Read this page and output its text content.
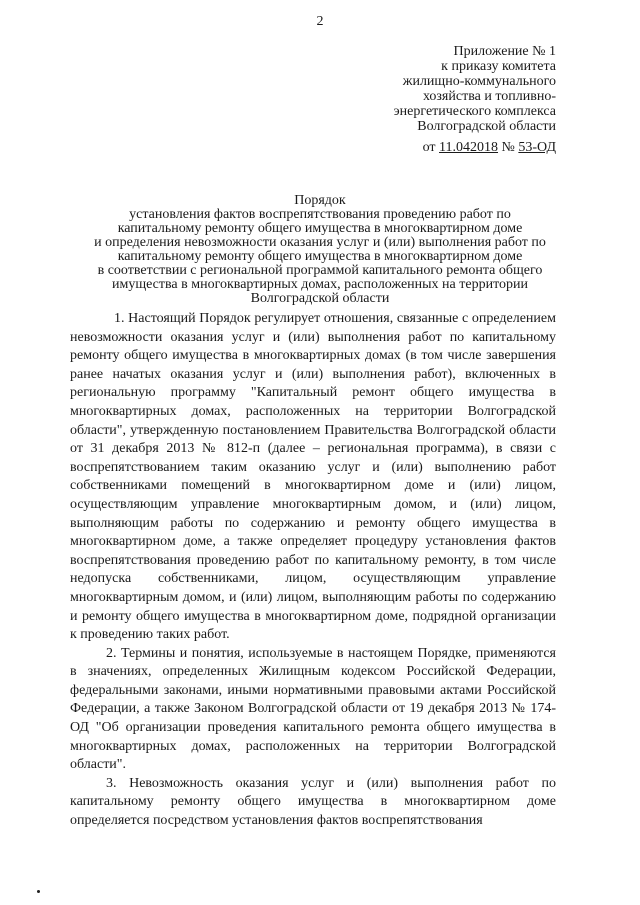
2
Приложение № 1
к приказу комитета
жилищно-коммунального
хозяйства и топливно-
энергетического комплекса
Волгоградской области
от 11.042018 № 53-ОД
Порядок
установления фактов воспрепятствования проведению работ по
капитальному ремонту общего имущества в многоквартирном доме
и определения невозможности оказания услуг и (или) выполнения работ по
капитальному ремонту общего имущества в многоквартирном доме
в соответствии с региональной программой капитального ремонта общего
имущества в многоквартирных домах, расположенных на территории
Волгоградской области

1. Настоящий Порядок регулирует отношения, связанные с определением невозможности оказания услуг и (или) выполнения работ по капитальному ремонту общего имущества в многоквартирных домах (в том числе завершения ранее начатых оказания услуг и (или) выполнения работ), включенных в региональную программу "Капитальный ремонт общего имущества в многоквартирных домах, расположенных на территории Волгоградской области", утвержденную постановлением Правительства Волгоградской области от 31 декабря 2013 № 812-п (далее – региональная программа), в связи с воспрепятствованием таким оказанию услуг и (или) выполнению работ собственниками помещений в многоквартирном доме и (или) лицом, осуществляющим управление многоквартирным домом, и (или) лицом, выполняющим работы по содержанию и ремонту общего имущества в многоквартирном доме, а также определяет процедуру установления фактов воспрепятствования проведению работ по капитальному ремонту, в том числе недопуска собственниками, лицом, осуществляющим управление многоквартирным домом, и (или) лицом, выполняющим работы по содержанию и ремонту общего имущества в многоквартирном доме, подрядной организации к проведению таких работ.

2. Термины и понятия, используемые в настоящем Порядке, применяются в значениях, определенных Жилищным кодексом Российской Федерации, федеральными законами, иными нормативными правовыми актами Российской Федерации, а также Законом Волгоградской области от 19 декабря 2013 № 174-ОД "Об организации проведения капитального ремонта общего имущества в многоквартирных домах, расположенных на территории Волгоградской области".

3. Невозможность оказания услуг и (или) выполнения работ по капитальному ремонту общего имущества в многоквартирном доме определяется посредством установления фактов воспрепятствования
